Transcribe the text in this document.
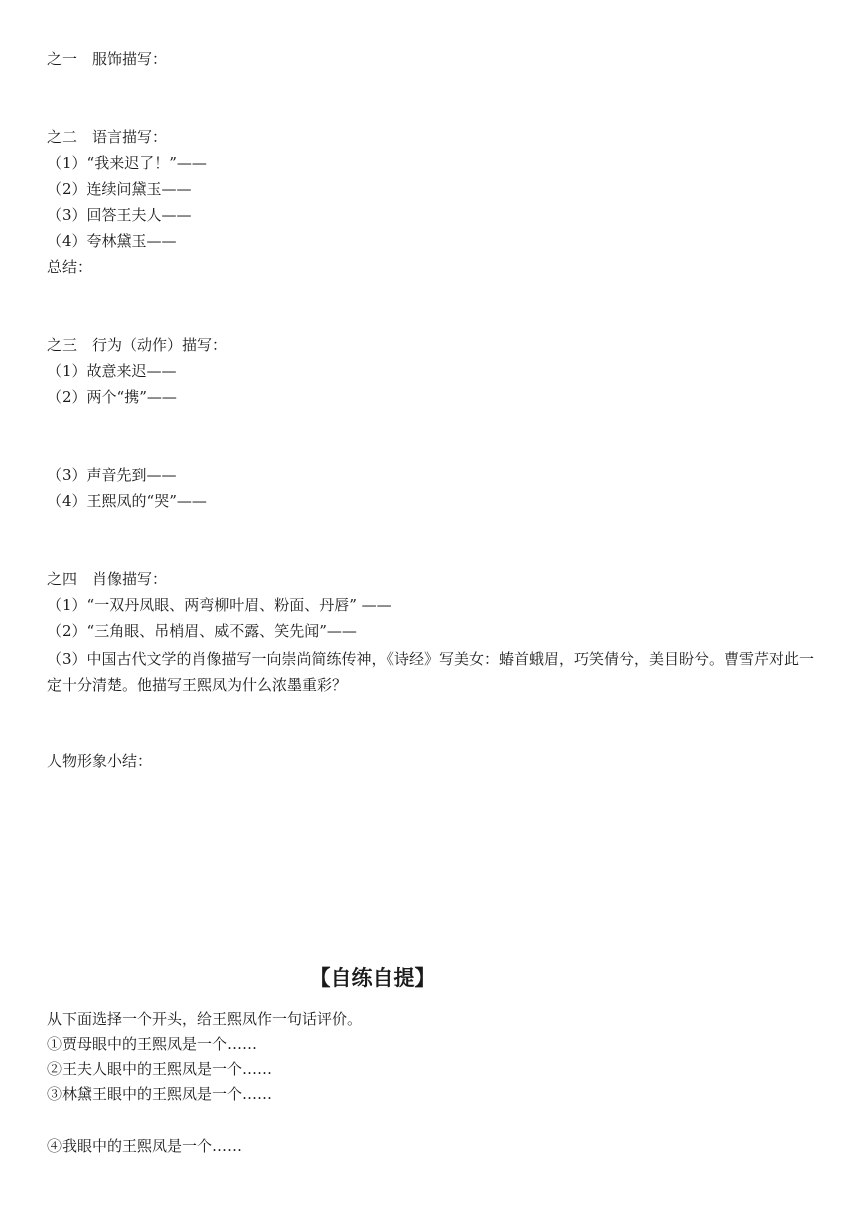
之一　服饰描写：
之二　语言描写：
（1）“我来迟了！”——
（2）连续问黛玉——
（3）回答王夫人——
（4）夸林黛玉——
总结：
之三　行为（动作）描写：
（1）故意来迟——
（2）两个“携”——
（3）声音先到——
（4）王熙凤的“哭”——
之四　肖像描写：
（1）“一双丹凤眼、两弯柳叶眉、粉面、丹唇” ——
（2）“三角眼、吊梢眉、威不露、笑先闻”——
（3）中国古代文学的肖像描写一向崇尚简练传神，《诗经》写美女：蝽首蛾眉，巧笑倩兮，美目盼兮。曹雪芹对此一定十分清楚。他描写王熙凤为什么浓墨重彩？
人物形象小结：
【自练自提】
从下面选择一个开头，给王熙凤作一句话评价。
①贾母眼中的王熙凤是一个……
②王夫人眼中的王熙凤是一个……
③林黛王眼中的王熙凤是一个……
④我眼中的王熙凤是一个……
